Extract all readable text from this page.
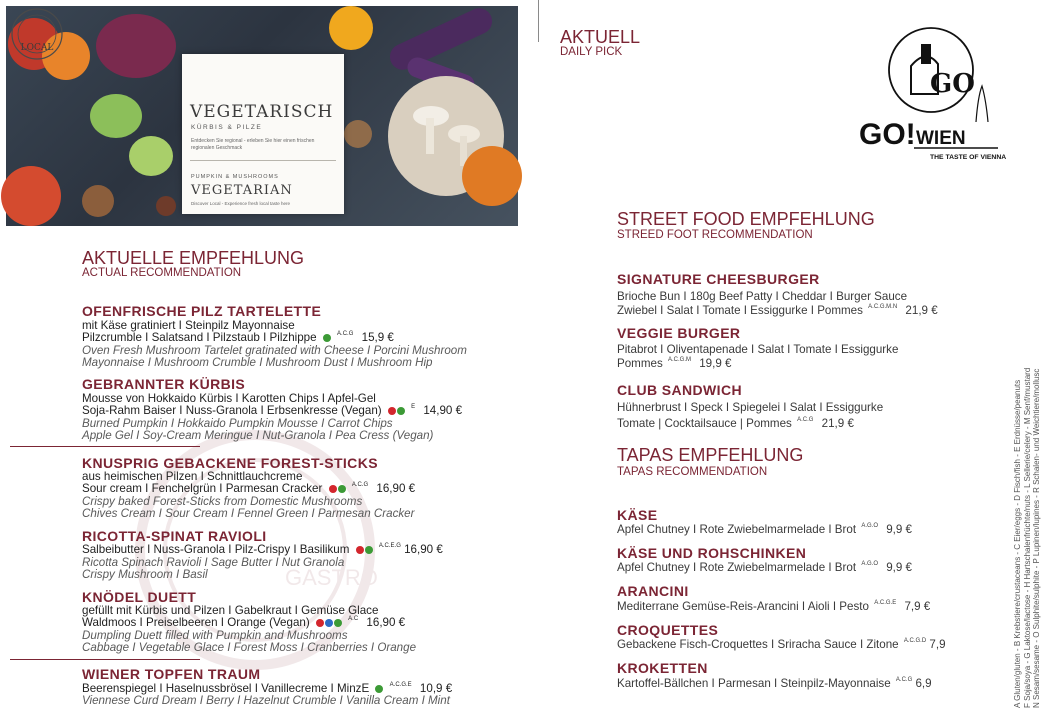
GASTRO
VEGETARISCH
KÜRBIS & PILZE
Entdecken Sie regional - erleben Sie hier einen frischen regionalen Geschmack
PUMPKIN & MUSHROOMS
VEGETARIAN
Discover Local - Experience fresh local taste here
LOCAL
AKTUELL
DAILY PICK
GO
GO! WIEN
THE TASTE OF VIENNA
AKTUELLE EMPFEHLUNG
ACTUAL RECOMMENDATION
OFENFRISCHE PILZ TARTELETTE
mit Käse gratiniert I Steinpilz Mayonnaise
Pilzcrumble I Salatsand I Pilzstaub I Pilzhippe	$^{A.C.G}$ 15,9 €
Oven Fresh Mushroom Tartelet gratinated with Cheese I Porcini Mushroom
Mayonnaise I Mushroom Crumble I Mushroom Dust I Mushroom Hip
GEBRANNTER KÜRBIS
Mousse von Hokkaido Kürbis I Karotten Chips I Apfel-Gel
Soja-Rahm Baiser I Nuss-Granola I Erbsenkresse (Vegan)	$^E$ 14,90 €
Burned Pumpkin I Hokkaido Pumpkin Mousse I Carrot Chips
Apple Gel I Soy-Cream Meringue I Nut-Granola I Pea Cress (Vegan)
KNUSPRIG GEBACKENE FOREST-STICKS
aus heimischen Pilzen I Schnittlauchcreme
Sour cream I Fenchelgrün I Parmesan Cracker	$^{A.C.G}$ 16,90 €
Crispy baked Forest-Sticks from Domestic Mushrooms
Chives Cream I Sour Cream I Fennel Green I Parmesan Cracker
RICOTTA-SPINAT RAVIOLI
Salbeibutter I Nuss-Granola I Pilz-Crispy I Basilikum	$^{A.C.E.G}$ 16,90 €
Ricotta Spinach Ravioli I Sage Butter I Nut Granola
Crispy Mushroom I Basil
KNÖDEL DUETT
gefüllt mit Kürbis und Pilzen I Gabelkraut I Gemüse Glace
Waldmoos I Preiselbeeren I Orange (Vegan)	$^{A.C}$ 16,90 €
Dumpling Duett filled with Pumpkin and Mushrooms
Cabbage I Vegetable Glace I Forest Moss I Cranberries I Orange
WIENER TOPFEN TRAUM
Beerenspiegel I Haselnussbrösel I Vanillecreme I MinzE	$^{A.C.G.E}$ 10,9 €
Viennese Curd Dream I Berry I Hazelnut Crumble I Vanilla Cream I Mint
STREET FOOD EMPFEHLUNG
STREED FOOT RECOMMENDATION
SIGNATURE CHEESBURGER
Brioche Bun I 180g Beef Patty I Cheddar I Burger Sauce
Zwiebel I Salat I Tomate I Essiggurke I Pommes $^{A.C.G.M.N}$ 21,9 €
VEGGIE BURGER
Pitabrot I Oliventapenade I Salat I Tomate I Essiggurke
Pommes $^{A.C.G.M}$ 19,9 €
CLUB SANDWICH
Hühnerbrust I Speck I Spiegelei I Salat I Essiggurke
Tomate | Cocktailsauce | Pommes $^{A.C.G}$ 21,9 €
TAPAS EMPFEHLUNG
TAPAS RECOMMENDATION
KÄSE
Apfel Chutney I Rote Zwiebelmarmelade I Brot $^{A.G.O}$ 9,9 €
KÄSE UND ROHSCHINKEN
Apfel Chutney I Rote Zwiebelmarmelade I Brot $^{A.G.O}$ 9,9 €
ARANCINI
Mediterrane Gemüse-Reis-Arancini I Aioli I Pesto $^{A.C.G.E}$ 7,9 €
CROQUETTES
Gebackene Fisch-Croquettes I Sriracha Sauce I Zitone $^{A.C.G.D}$ 7,9
KROKETTEN
Kartoffel-Bällchen I Parmesan I Steinpilz-Mayonnaise $^{A.C.G}$ 6,9	A Gluten/gluten - B Krebstiere/crustaceans - C Eier/eggs - D Fisch/fish - E Erdnüsse/peanuts F Soja/soya - G Laktose/lactose - H Hartschalenfrüchte/nuts - L Sellerie/celery - M Senf/mustard N Sesam/sesame - O Sulphite/sulphite - P Lupinen/lupines - R Schalen- und Weichtiere/mollusc
